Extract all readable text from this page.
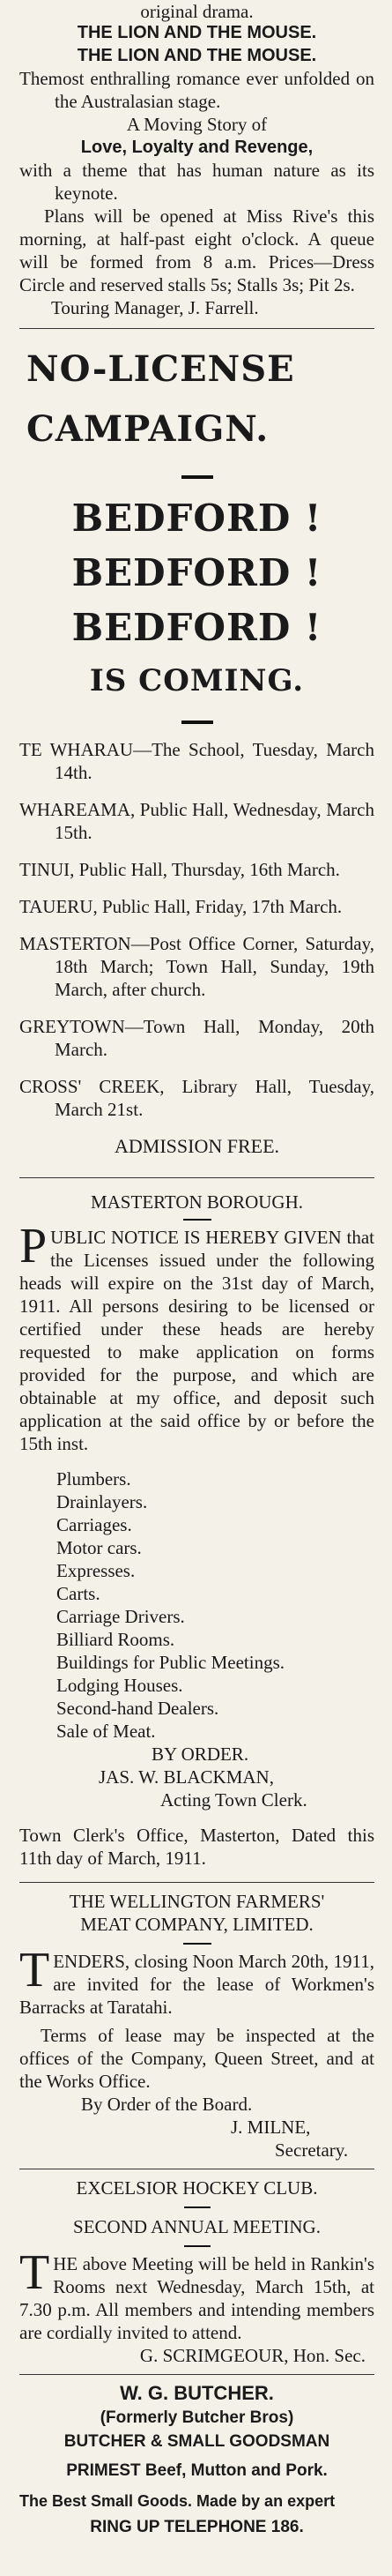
original drama.
THE LION AND THE MOUSE.
THE LION AND THE MOUSE.
Themost enthralling romance ever unfolded on the Australasian stage.
A Moving Story of
Love, Loyalty and Revenge,
with a theme that has human nature as its keynote.
Plans will be opened at Miss Rive's this morning, at half-past eight o'clock. A queue will be formed from 8 a.m. Prices—Dress Circle and reserved stalls 5s; Stalls 3s; Pit 2s.
Touring Manager, J. Farrell.
NO-LICENSE
CAMPAIGN.
BEDFORD !
BEDFORD !
BEDFORD !
IS COMING.
TE WHARAU—The School, Tuesday, March 14th.
WHAREAMA, Public Hall, Wednesday, March 15th.
TINUI, Public Hall, Thursday, 16th March.
TAUERU, Public Hall, Friday, 17th March.
MASTERTON—Post Office Corner, Saturday, 18th March; Town Hall, Sunday, 19th March, after church.
GREYTOWN—Town Hall, Monday, 20th March.
CROSS' CREEK, Library Hall, Tuesday, March 21st.
ADMISSION FREE.
MASTERTON BOROUGH.
PUBLIC NOTICE IS HEREBY GIVEN that the Licenses issued under the following heads will expire on the 31st day of March, 1911. All persons desiring to be licensed or certified under these heads are hereby requested to make application on forms provided for the purpose, and which are obtainable at my office, and deposit such application at the said office by or before the 15th inst.
Plumbers.
Drainlayers.
Carriages.
Motor cars.
Expresses.
Carts.
Carriage Drivers.
Billiard Rooms.
Buildings for Public Meetings.
Lodging Houses.
Second-hand Dealers.
Sale of Meat.
BY ORDER.
JAS. W. BLACKMAN,
Acting Town Clerk.
Town Clerk's Office, Masterton, Dated this 11th day of March, 1911.
THE WELLINGTON FARMERS'
MEAT COMPANY, LIMITED.
TENDERS, closing Noon March 20th, 1911, are invited for the lease of Workmen's Barracks at Taratahi.
Terms of lease may be inspected at the offices of the Company, Queen Street, and at the Works Office.
By Order of the Board.
J. MILNE,
Secretary.
EXCELSIOR HOCKEY CLUB.
SECOND ANNUAL MEETING.
THE above Meeting will be held in Rankin's Rooms next Wednesday, March 15th, at 7.30 p.m. All members and intending members are cordially invited to attend.
G. SCRIMGEOUR, Hon. Sec.
W. G. BUTCHER.
(Formerly Butcher Bros)
BUTCHER & SMALL GOODSMAN
PRIMEST Beef, Mutton and Pork.
The Best Small Goods. Made by an expert
RING UP TELEPHONE 186.
